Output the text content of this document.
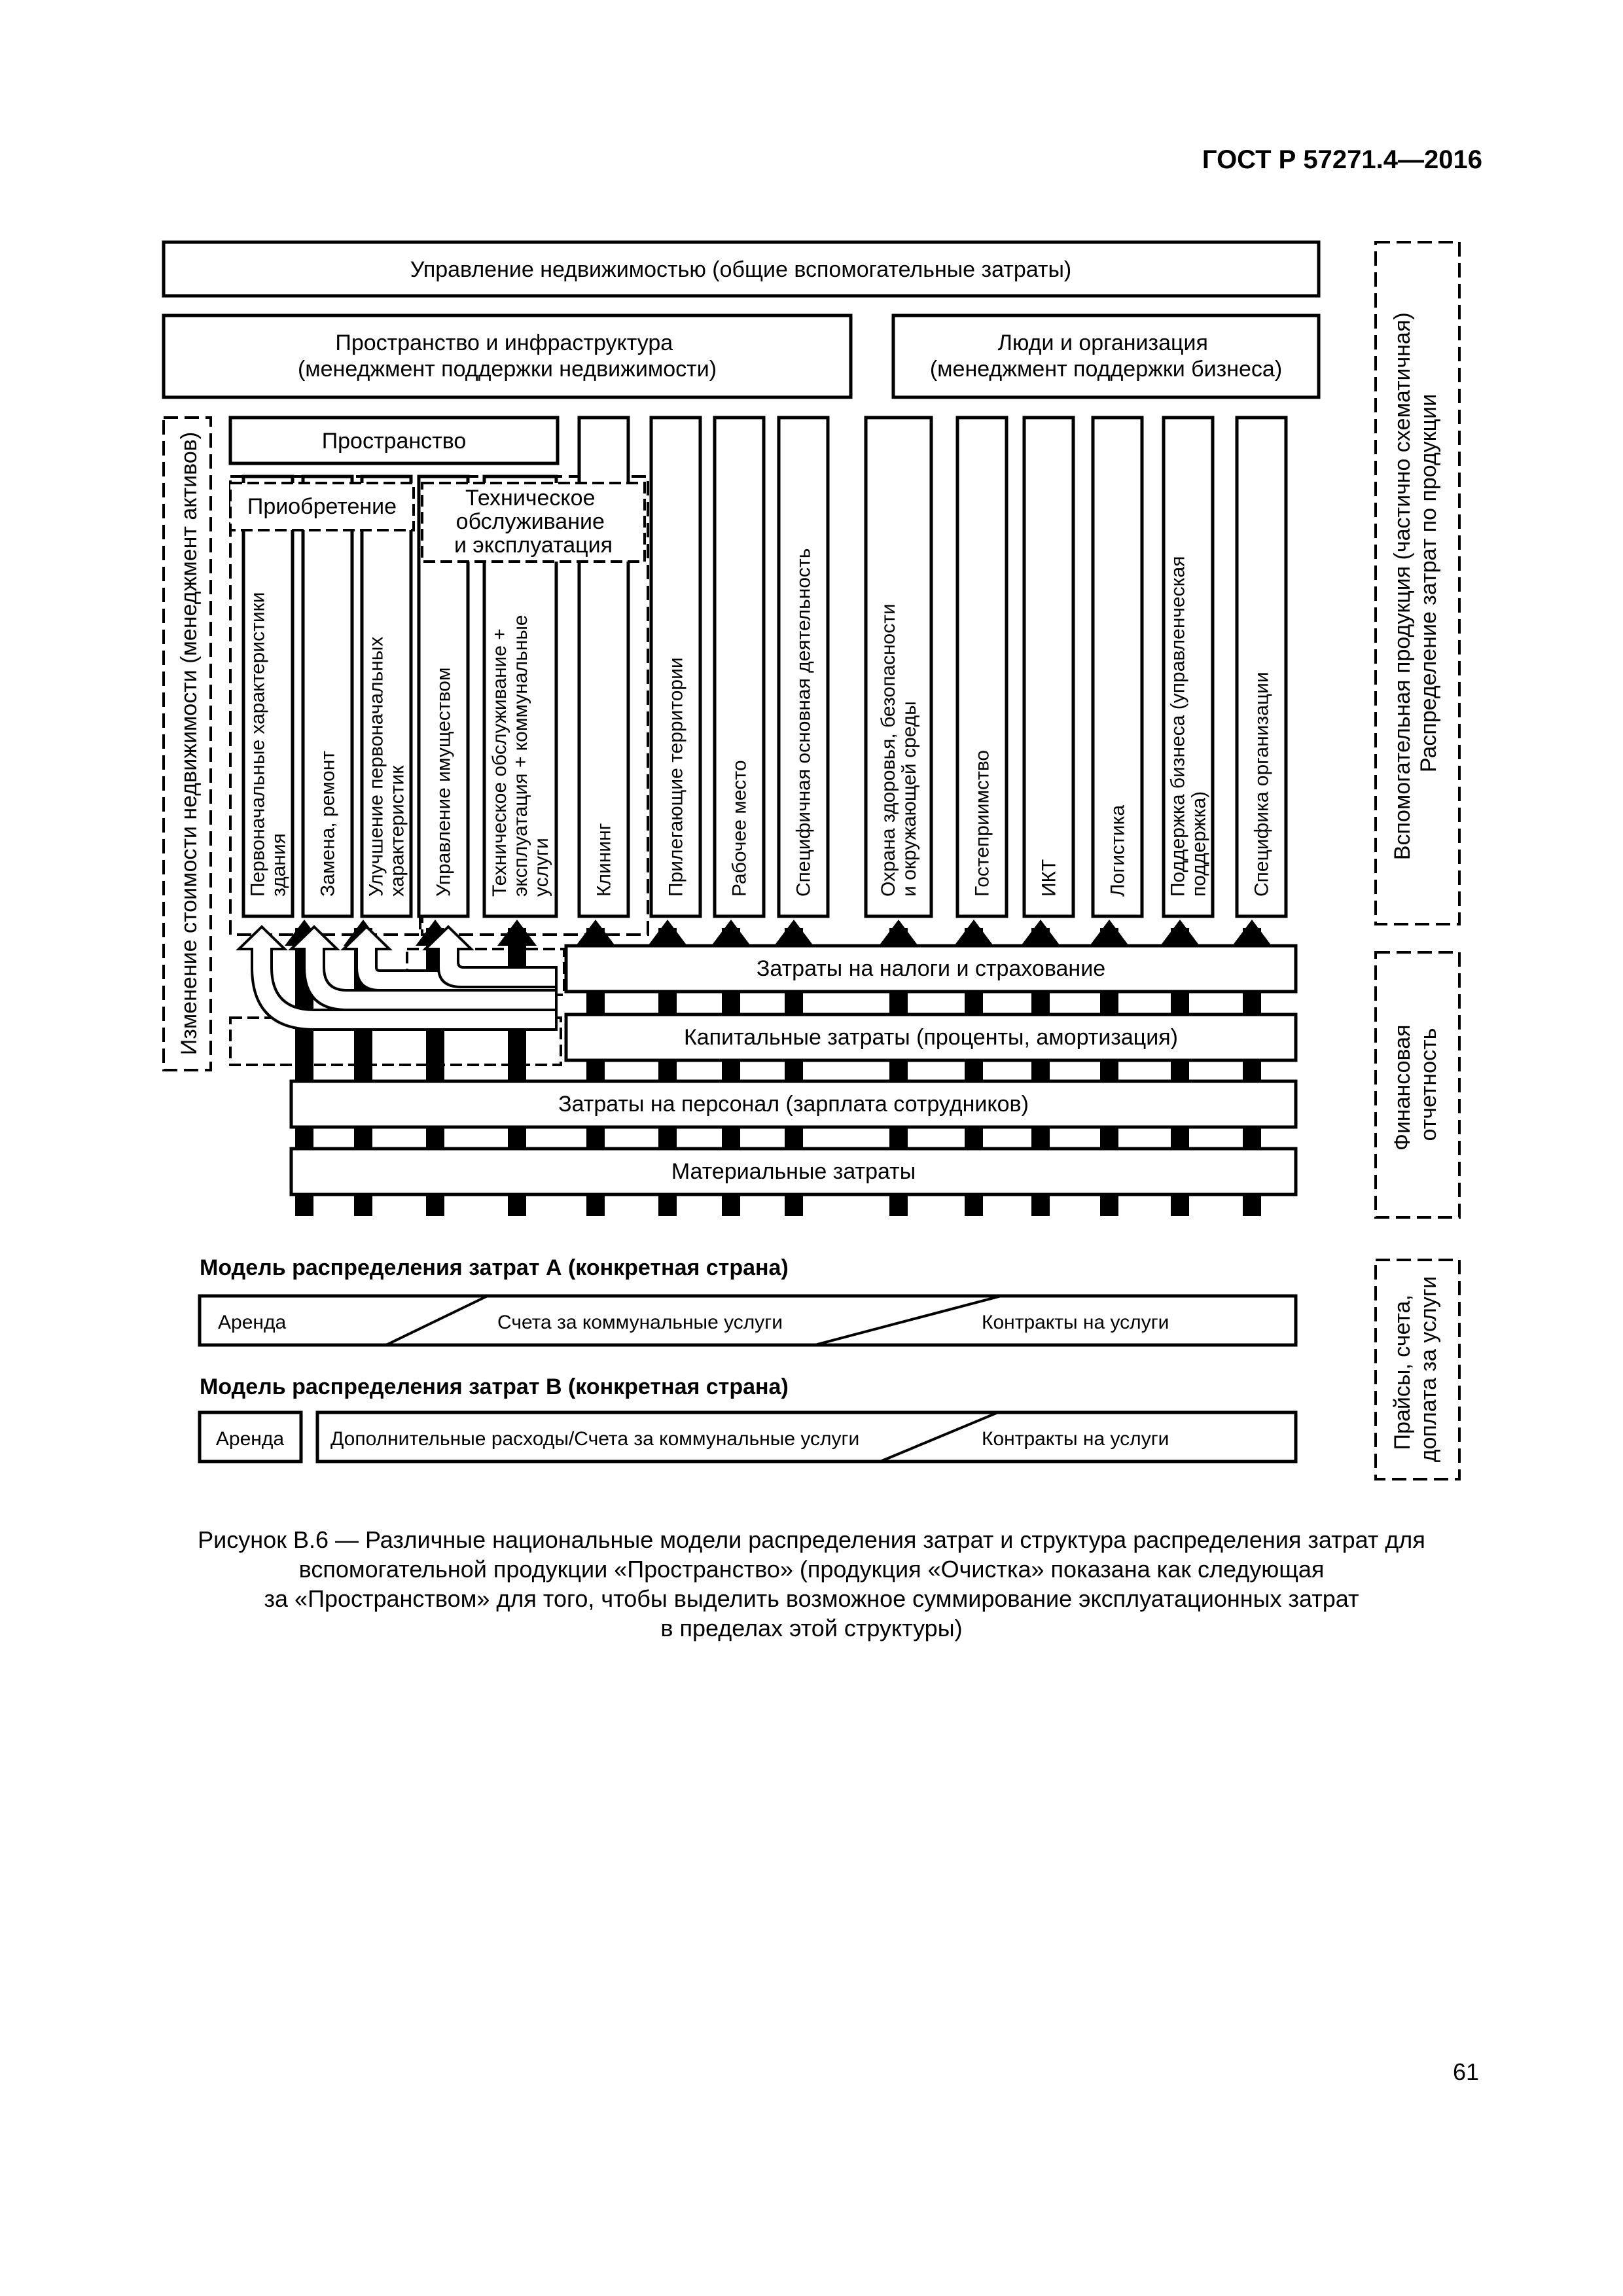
ГОСТ Р 57271.4—2016
Управление недвижимостью (общие вспомогательные затраты)
Пространство и инфраструктура (менеджмент поддержки недвижимости)
Люди и организация (менеджмент поддержки бизнеса)
Изменение стоимости недвижимости (менеджмент активов)	Пространство
Первоначальные характеристикиздания Замена, ремонт Улучшение первоначальныххарактеристик Управление имуществом Техническое обслуживание +эксплуатация + коммунальныеуслуги Клининг	Прилегающие территории Рабочее место Специфичная основная деятельность	Охрана здоровья, безопасностии окружающей среды	Гостеприимство ИКТ Логистика Поддержка бизнеса (управленческаяподдержка) Специфика организации
Приобретение	Техническое обслуживание и эксплуатация
Затраты на налоги и страхование
Капитальные затраты (проценты, амортизация)
Затраты на персонал (зарплата сотрудников)
Материальные затраты
Вспомогательная продукция (частично схематичная) Распределение затрат по продукции
Финансовая отчетность
Прайсы, счета, доплата за услуги
Модель распределения затрат А (конкретная страна)
Аренда	Счета за коммунальные услуги	Контракты на услуги
Модель распределения затрат В (конкретная страна)
Аренда Дополнительные расходы/Счета за коммунальные услуги	Контракты на услуги
Рисунок В.6 — Различные национальные модели распределения затрат и структура распределения затрат для
вспомогательной продукции «Пространство» (продукция «Очистка» показана как следующая
за «Пространством» для того, чтобы выделить возможное суммирование эксплуатационных затрат
в пределах этой структуры)
61
